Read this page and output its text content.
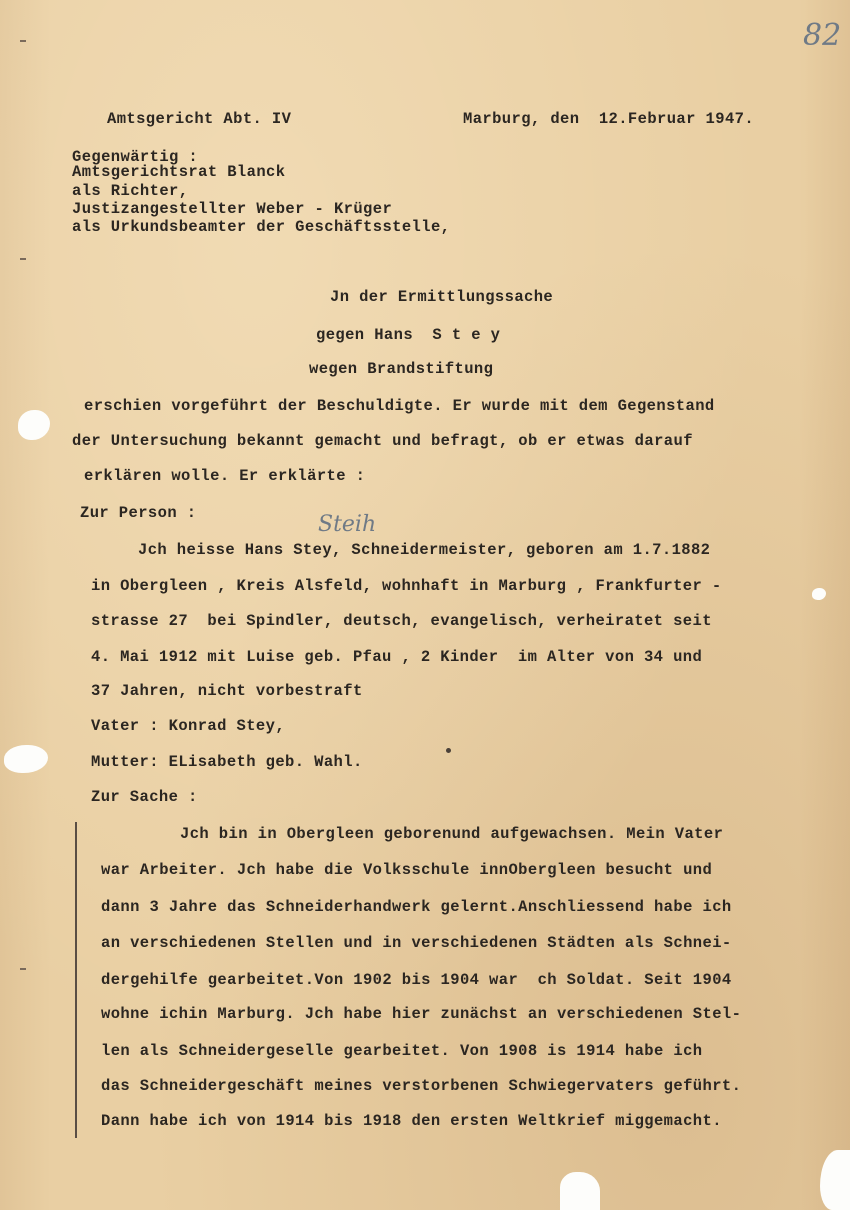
82
Amtsgericht Abt. IV	Marburg, den  12.Februar 1947.
Gegenwärtig :
Amtsgerichtsrat Blanck
als Richter,
Justizangestellter Weber - Krüger
als Urkundsbeamter der Geschäftsstelle,
Jn der Ermittlungssache
gegen Hans  S t e y
wegen Brandstiftung
erschien vorgeführt der Beschuldigte. Er wurde mit dem Gegenstand
der Untersuchung bekannt gemacht und befragt, ob er etwas darauf
erklären wolle. Er erklärte :
Zur Person :	Steih
Jch heisse Hans Stey, Schneidermeister, geboren am 1.7.1882
in Obergleen , Kreis Alsfeld, wohnhaft in Marburg , Frankfurter -
strasse 27  bei Spindler, deutsch, evangelisch, verheiratet seit
4. Mai 1912 mit Luise geb. Pfau , 2 Kinder  im Alter von 34 und
37 Jahren, nicht vorbestraft
Vater : Konrad Stey,
Mutter: ELisabeth geb. Wahl.
Zur Sache :
Jch bin in Obergleen geborenund aufgewachsen. Mein Vater
war Arbeiter. Jch habe die Volksschule innObergleen besucht und
dann 3 Jahre das Schneiderhandwerk gelernt.Anschliessend habe ich
an verschiedenen Stellen und in verschiedenen Städten als Schnei-
dergehilfe gearbeitet.Von 1902 bis 1904 war  ch Soldat. Seit 1904
wohne ichin Marburg. Jch habe hier zunächst an verschiedenen Stel-
len als Schneidergeselle gearbeitet. Von 1908 is 1914 habe ich
das Schneidergeschäft meines verstorbenen Schwiegervaters geführt.
Dann habe ich von 1914 bis 1918 den ersten Weltkrief miggemacht.
